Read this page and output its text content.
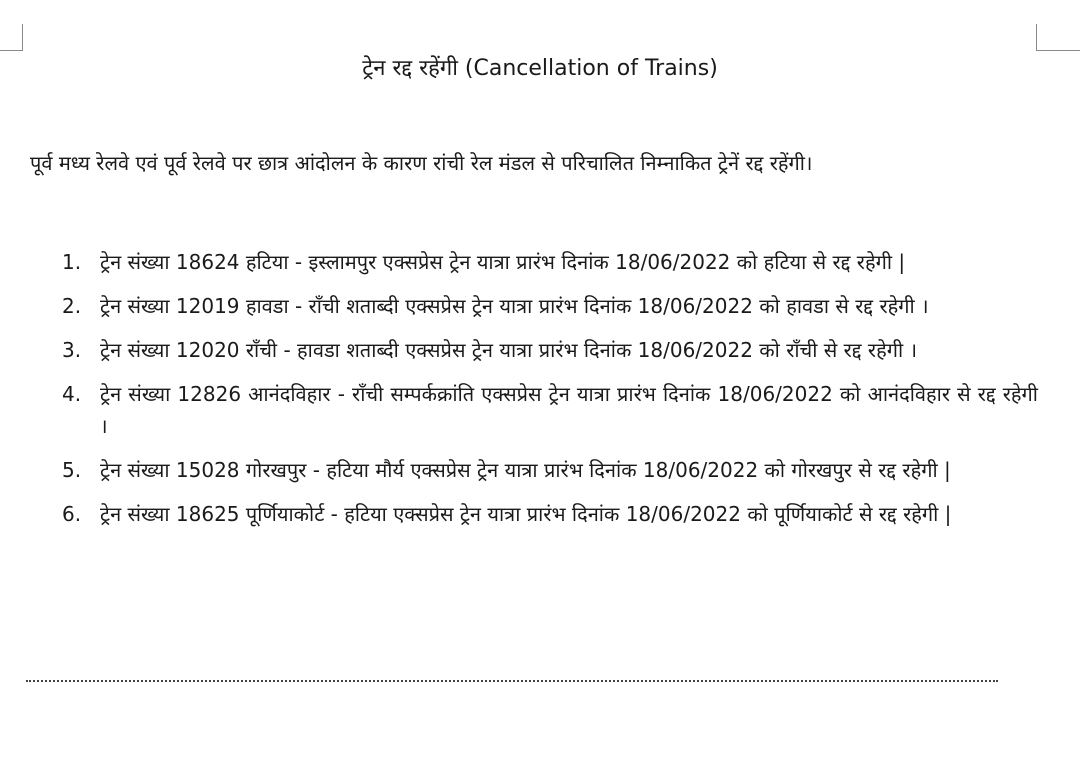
ट्रेन रद्द रहेंगी (Cancellation of Trains)
पूर्व मध्य रेलवे एवं पूर्व रेलवे पर छात्र आंदोलन के कारण रांची रेल मंडल से परिचालित निम्नाकित ट्रेनें रद्द रहेंगी।
1. ट्रेन संख्या 18624 हटिया - इस्लामपुर एक्सप्रेस ट्रेन यात्रा प्रारंभ दिनांक 18/06/2022 को हटिया से रद्द रहेगी |
2. ट्रेन संख्या 12019 हावडा - राँची शताब्दी एक्सप्रेस ट्रेन यात्रा प्रारंभ दिनांक 18/06/2022 को हावडा से रद्द रहेगी ।
3. ट्रेन संख्या 12020 राँची - हावडा शताब्दी एक्सप्रेस ट्रेन यात्रा प्रारंभ दिनांक 18/06/2022 को राँची से रद्द रहेगी ।
4. ट्रेन संख्या 12826 आनंदविहार - राँची सम्पर्कक्रांति एक्सप्रेस ट्रेन यात्रा प्रारंभ दिनांक 18/06/2022 को आनंदविहार से रद्द रहेगी ।
5. ट्रेन संख्या 15028 गोरखपुर - हटिया मौर्य एक्सप्रेस ट्रेन यात्रा प्रारंभ दिनांक 18/06/2022 को गोरखपुर से रद्द रहेगी |
6. ट्रेन संख्या 18625 पूर्णियाकोर्ट - हटिया एक्सप्रेस ट्रेन यात्रा प्रारंभ दिनांक 18/06/2022 को पूर्णियाकोर्ट से रद्द रहेगी |
